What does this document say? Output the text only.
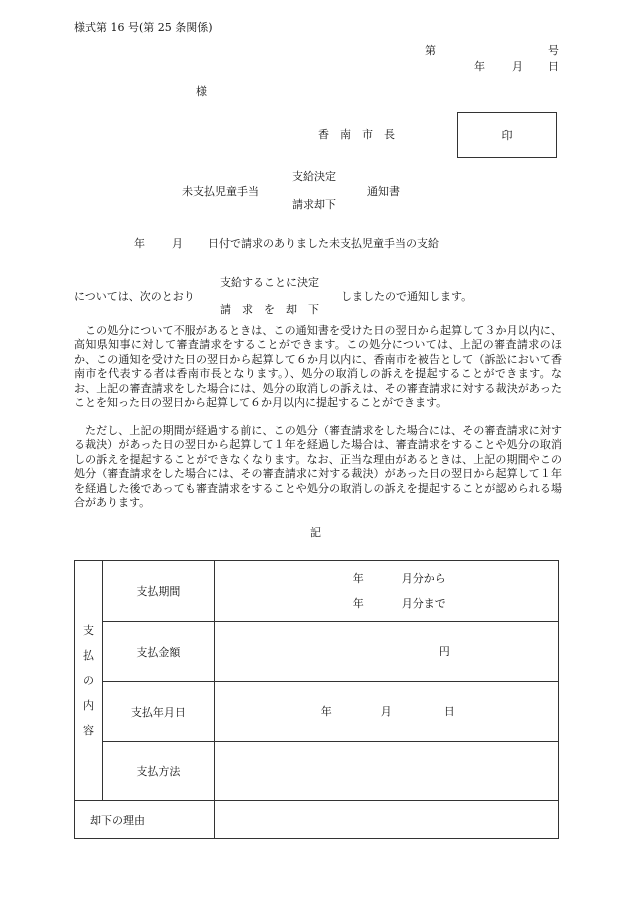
様式第 16 号(第 25 条関係)
第	号
年 月 日
様
香　南　市　長	印
支給決定
未支払児童手当	通知書
請求却下
年 月 日付で請求のありました未支払児童手当の支給
支給することに決定
については、次のとおり	しましたので通知します。
請　求　を　却　下
この処分について不服があるときは、この通知書を受けた日の翌日から起算して３か月以内に、高知県知事に対して審査請求をすることができます。この処分については、上記の審査請求のほか、この通知を受けた日の翌日から起算して６か月以内に、香南市を被告として（訴訟において香南市を代表する者は香南市長となります。）、処分の取消しの訴えを提起することができます。なお、上記の審査請求をした場合には、処分の取消しの訴えは、その審査請求に対する裁決があったことを知った日の翌日から起算して６か月以内に提起することができます。
ただし、上記の期間が経過する前に、この処分（審査請求をした場合には、その審査請求に対する裁決）があった日の翌日から起算して１年を経過した場合は、審査請求をすることや処分の取消しの訴えを提起することができなくなります。なお、正当な理由があるときは、上記の期間やこの処分（審査請求をした場合には、その審査請求に対する裁決）があった日の翌日から起算して１年を経過した後であっても審査請求をすることや処分の取消しの訴えを提起することが認められる場合があります。
記
支
払
の
内
容	支払期間	年 月分から
年 月分まで

	支払金額	円

	支払年月日	年 月 日

	支払方法	
却下の理由		
